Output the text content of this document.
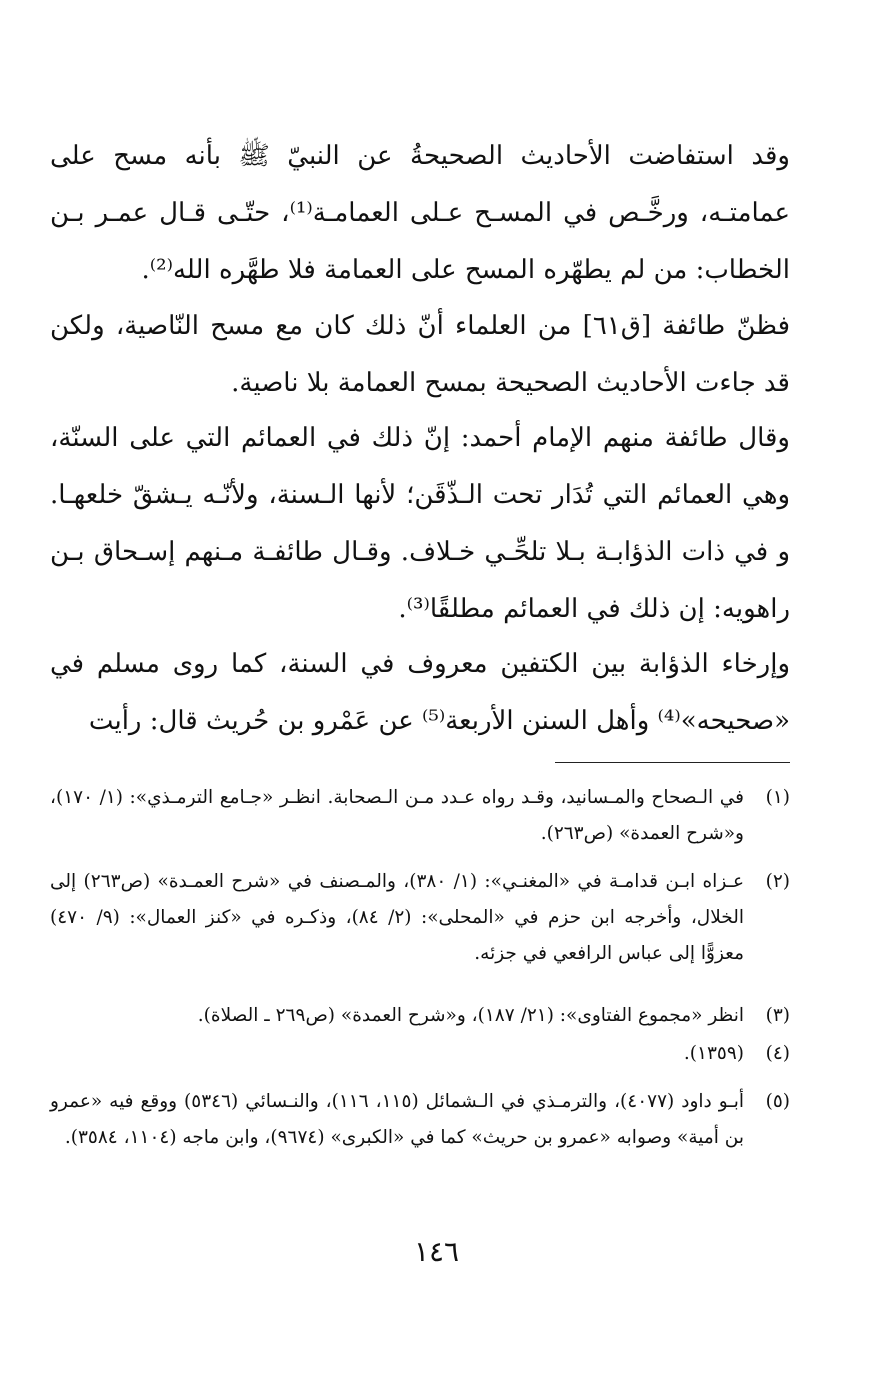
وقد استفاضت الأحاديث الصحيحةُ عن النبيّ ﷺ بأنه مسح على عمامتـه، ورخَّـص في المسـح عـلى العمامـة⁽¹⁾، حتّـى قـال عمـر بـن الخطاب: من لم يطهّره المسح على العمامة فلا طهَّره الله⁽²⁾.

فظنّ طائفة [ق٦١] من العلماء أنّ ذلك كان مع مسح النّاصية، ولكن قد جاءت الأحاديث الصحيحة بمسح العمامة بلا ناصية.

وقال طائفة منهم الإمام أحمد: إنّ ذلك في العمائم التي على السنّة، وهي العمائم التي تُدَار تحت الـذّقَن؛ لأنها الـسنة، ولأنّـه يـشقّ خلعهـا. و في ذات الذؤابـة بـلا تلحِّـي خـلاف. وقـال طائفـة مـنهم إسـحاق بـن راهويه: إن ذلك في العمائم مطلقًا⁽³⁾.

وإرخاء الذؤابة بين الكتفين معروف في السنة، كما روى مسلم في «صحيحه»⁽⁴⁾ وأهل السنن الأربعة⁽⁵⁾ عن عَمْرو بن حُريث قال: رأيت

(١)
في الـصحاح والمـسانيد، وقـد رواه عـدد مـن الـصحابة. انظـر «جـامع الترمـذي»: (١/ ١٧٠)، و«شرح العمدة» (ص٢٦٣).
(٢)
عـزاه ابـن قدامـة في «المغنـي»: (١/ ٣٨٠)، والمـصنف في «شرح العمـدة» (ص٢٦٣) إلى الخلال، وأخرجه ابن حزم في «المحلى»: (٢/ ٨٤)، وذكـره في «كنز العمال»: (٩/ ٤٧٠) معزوًّا إلى عباس الرافعي في جزئه.
(٣)
انظر «مجموع الفتاوى»: (٢١/ ١٨٧)، و«شرح العمدة» (ص٢٦٩ ـ الصلاة).
(٤)
(١٣٥٩).
(٥)
أبـو داود (٤٠٧٧)، والترمـذي في الـشمائل (١١٥، ١١٦)، والنـسائي (٥٣٤٦) ووقع فيه «عمرو بن أمية» وصوابه «عمرو بن حريث» كما في «الكبرى» (٩٦٧٤)، وابن ماجه (١١٠٤، ٣٥٨٤).
١٤٦
